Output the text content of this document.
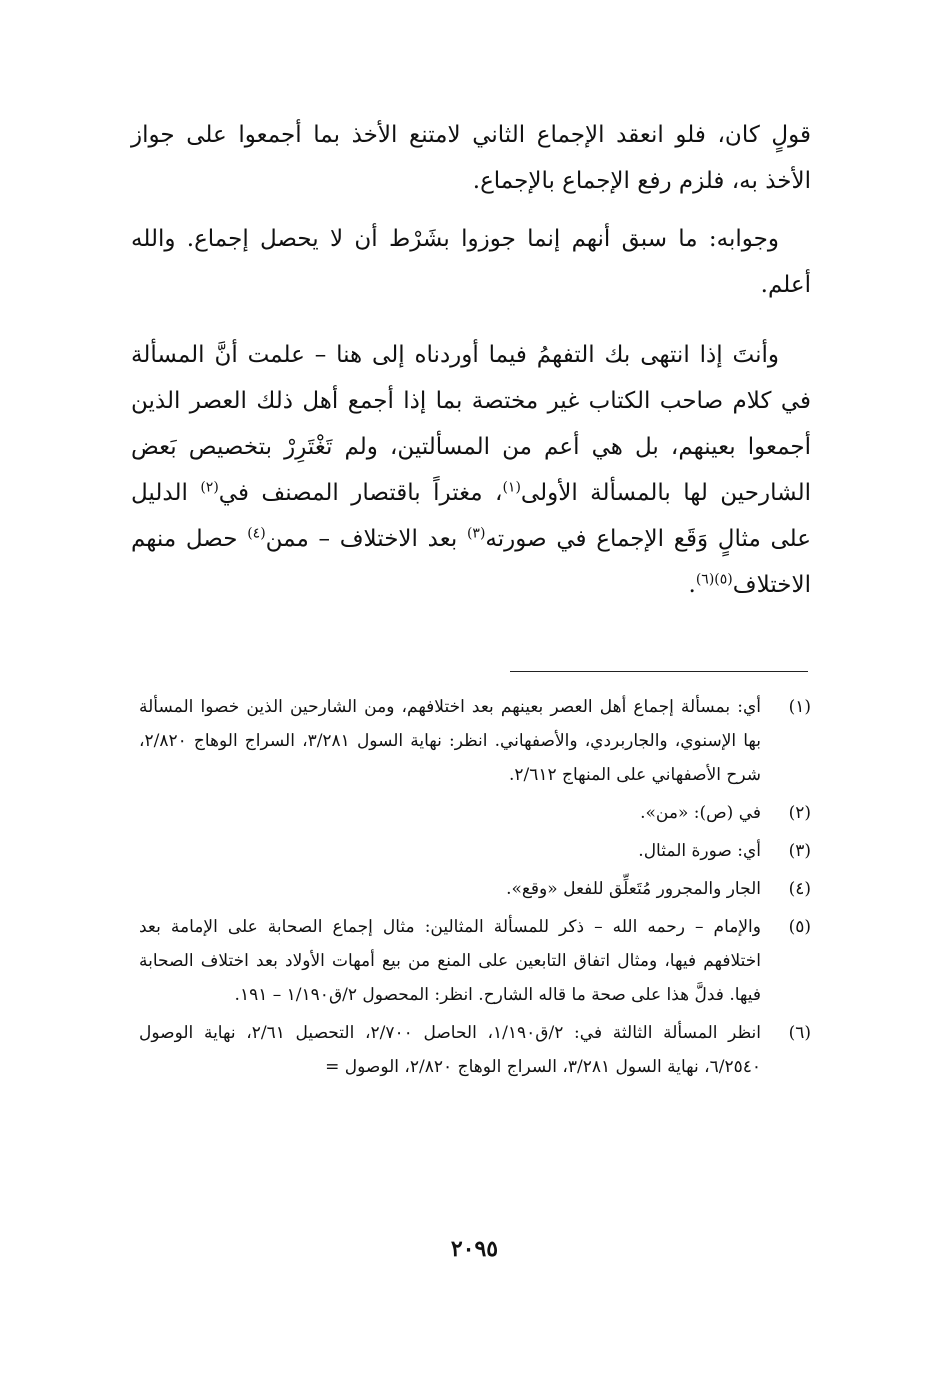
قولٍ كان، فلو انعقد الإجماع الثاني لامتنع الأخذ بما أجمعوا على جواز الأخذ به، فلزم رفع الإجماع بالإجماع.

وجوابه: ما سبق أنهم إنما جوزوا بشَرْط أن لا يحصل إجماع. والله أعلم.

وأنتَ إذا انتهى بك التفهمُ فيما أوردناه إلى هنا – علمت أنَّ المسألة في كلام صاحب الكتاب غير مختصة بما إذا أجمع أهل ذلك العصر الذين أجمعوا بعينهم، بل هي أعم من المسألتين، ولم تَغْتَرِرْ بتخصيص بَعض الشارحين لها بالمسألة الأولى$^{(١)}$، مغتراً باقتصار المصنف في$^{(٢)}$ الدليل على مثالٍ وَقَع الإجماع في صورته$^{(٣)}$ بعد الاختلاف – ممن$^{(٤)}$ حصل منهم الاختلاف$^{(٥)(٦)}$.

(١)
أي: بمسألة إجماع أهل العصر بعينهم بعد اختلافهم، ومن الشارحين الذين خصوا المسألة بها الإسنوي، والجاربردي، والأصفهاني. انظر: نهاية السول ٣/٢٨١، السراج الوهاج ٢/٨٢٠، شرح الأصفهاني على المنهاج ٢/٦١٢.
(٢)
في (ص): «من».
(٣)
أي: صورة المثال.
(٤)
الجار والمجرور مُتَعلِّق للفعل «وقع».
(٥)
والإمام – رحمه الله – ذكر للمسألة المثالين: مثال إجماع الصحابة على الإمامة بعد اختلافهم فيها، ومثال اتفاق التابعين على المنع من بيع أمهات الأولاد بعد اختلاف الصحابة فيها. فدلَّ هذا على صحة ما قاله الشارح. انظر: المحصول ٢/ق١/١٩٠ – ١٩١.
(٦)
انظر المسألة الثالثة في: ٢/ق١/١٩٠، الحاصل ٢/٧٠٠، التحصيل ٢/٦١، نهاية الوصول ٦/٢٥٤٠، نهاية السول ٣/٢٨١، السراج الوهاج ٢/٨٢٠، الوصول =
٢٠٩٥
